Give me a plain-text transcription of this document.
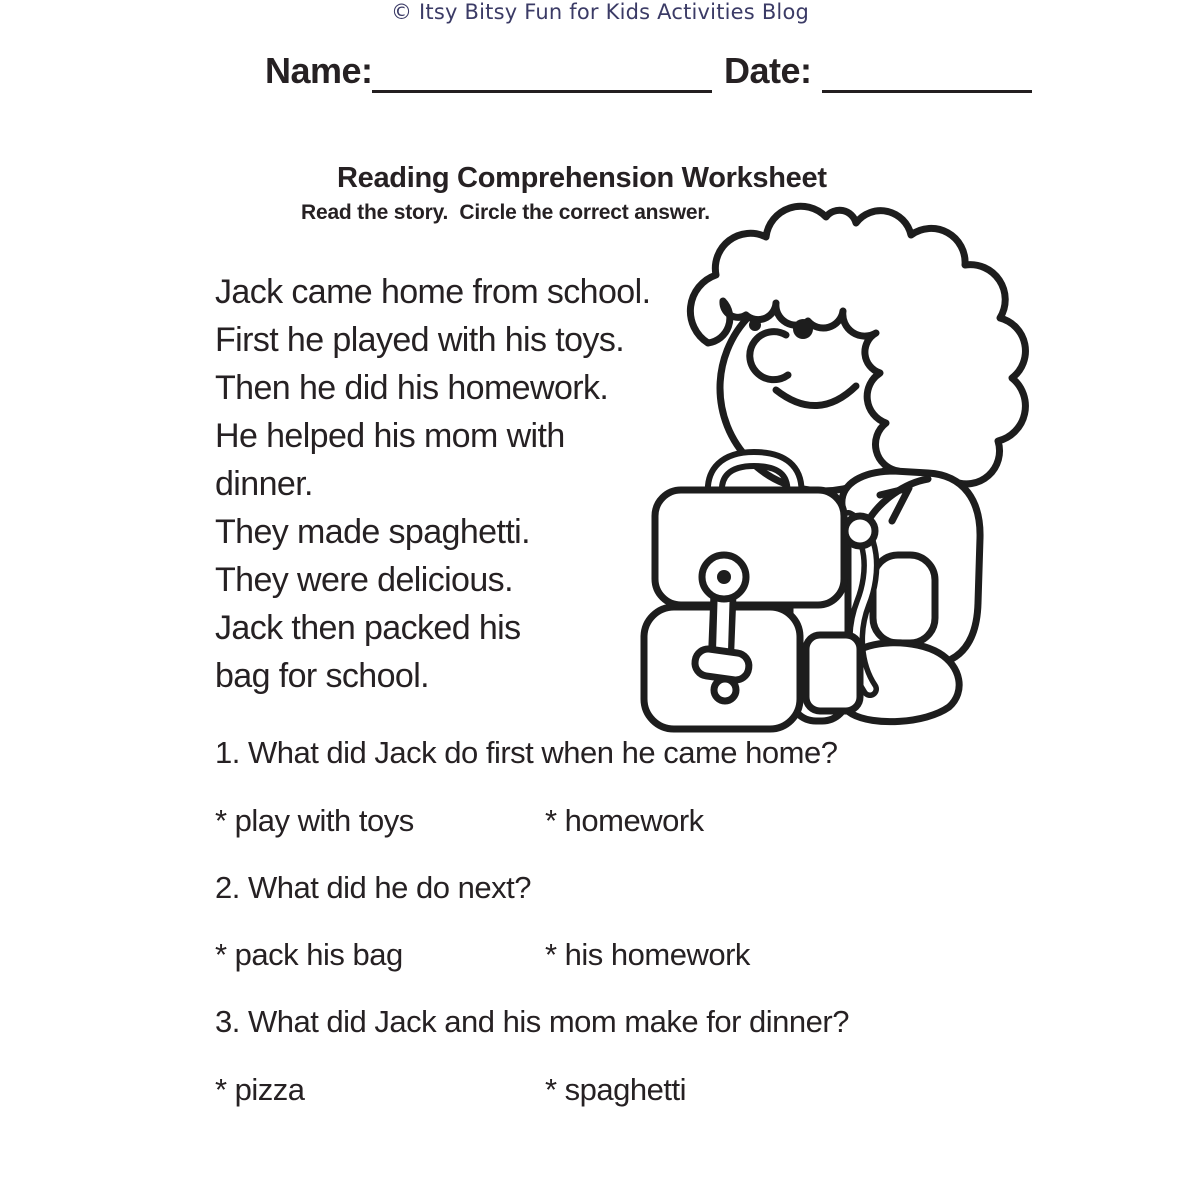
Name:	Date:
Reading Comprehension Worksheet
Read the story.  Circle the correct answer.
Jack came home from school.
First he played with his toys.
Then he did his homework.
He helped his mom with
dinner.
They made spaghetti.
They were delicious.
Jack then packed his
bag for school.
1. What did Jack do first when he came home?
* play with toys	* homework
2. What did he do next?
* pack his bag	* his homework
3. What did Jack and his mom make for dinner?
* pizza	* spaghetti
© Itsy Bitsy Fun for Kids Activities Blog
